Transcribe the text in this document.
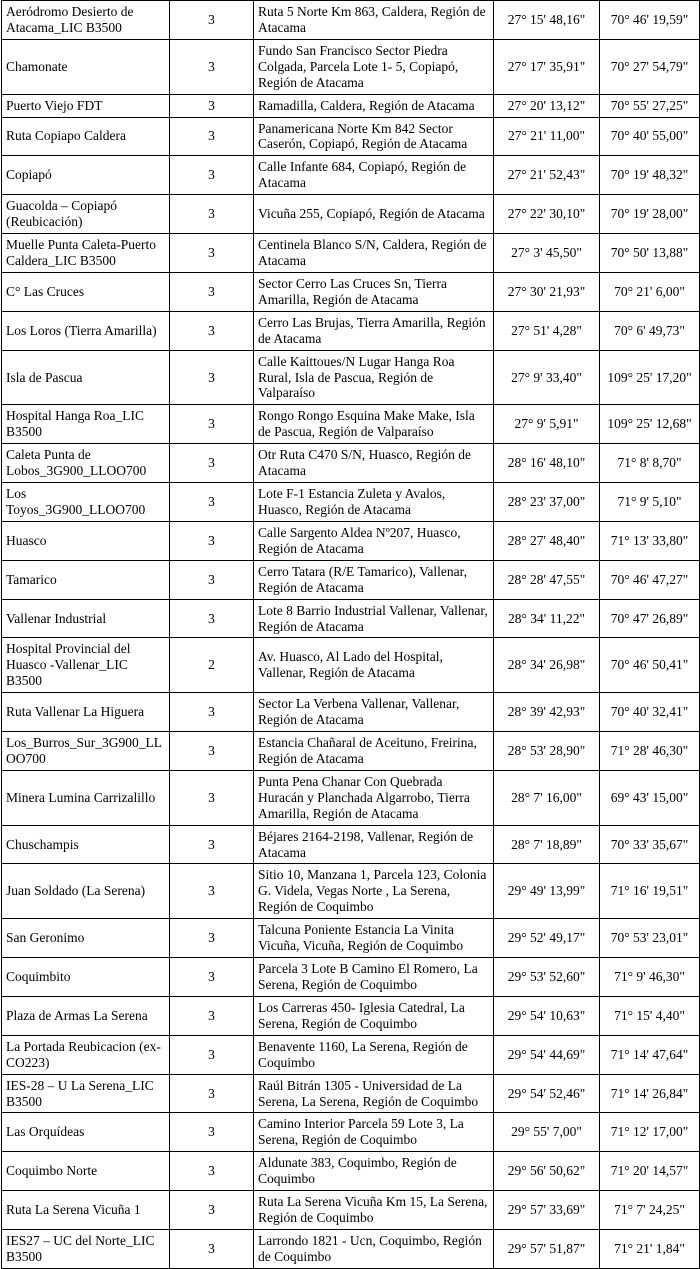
Aeródromo Desierto de Atacama_LIC B3500	3	Ruta 5 Norte Km 863, Caldera, Región de Atacama	27° 15' 48,16"	70° 46' 19,59"
Chamonate	3	Fundo San Francisco Sector Piedra Colgada, Parcela Lote 1- 5, Copiapó, Región de Atacama	27° 17' 35,91"	70° 27' 54,79"
Puerto Viejo FDT	3	Ramadilla, Caldera, Región de Atacama	27° 20' 13,12"	70° 55' 27,25"
Ruta Copiapo Caldera	3	Panamericana Norte Km 842 Sector Caserón, Copiapó, Región de Atacama	27° 21' 11,00"	70° 40' 55,00"
Copiapó	3	Calle Infante 684, Copiapó, Región de Atacama	27° 21' 52,43"	70° 19' 48,32"
Guacolda – Copiapó (Reubicación)	3	Vicuña 255, Copiapó, Región de Atacama	27° 22' 30,10"	70° 19' 28,00"
Muelle Punta Caleta-Puerto Caldera_LIC B3500	3	Centinela Blanco S/N, Caldera, Región de Atacama	27° 3' 45,50"	70° 50' 13,88"
C° Las Cruces	3	Sector Cerro Las Cruces Sn, Tierra Amarilla, Región de Atacama	27° 30' 21,93"	70° 21' 6,00"
Los Loros (Tierra Amarilla)	3	Cerro Las Brujas, Tierra Amarilla, Región de Atacama	27° 51' 4,28"	70° 6' 49,73"
Isla de Pascua	3	Calle Kaittoues/N Lugar Hanga Roa Rural, Isla de Pascua, Región de Valparaíso	27° 9' 33,40"	109° 25' 17,20"
Hospital Hanga Roa_LIC B3500	3	Rongo Rongo Esquina Make Make, Isla de Pascua, Región de Valparaíso	27° 9' 5,91"	109° 25' 12,68"
Caleta Punta de Lobos_3G900_LLOO700	3	Otr Ruta C470 S/N, Huasco, Región de Atacama	28° 16' 48,10"	71° 8' 8,70"
Los Toyos_3G900_LLOO700	3	Lote F-1 Estancia Zuleta y Avalos, Huasco, Región de Atacama	28° 23' 37,00"	71° 9' 5,10"
Huasco	3	Calle Sargento Aldea Nº207, Huasco, Región de Atacama	28° 27' 48,40"	71° 13' 33,80"
Tamarico	3	Cerro Tatara (R/E Tamarico), Vallenar, Región de Atacama	28° 28' 47,55"	70° 46' 47,27"
Vallenar Industrial	3	Lote 8 Barrio Industrial Vallenar, Vallenar, Región de Atacama	28° 34' 11,22"	70° 47' 26,89"
Hospital Provincial del Huasco -Vallenar_LIC B3500	2	Av. Huasco, Al Lado del Hospital, Vallenar, Región de Atacama	28° 34' 26,98"	70° 46' 50,41"
Ruta Vallenar La Higuera	3	Sector La Verbena Vallenar, Vallenar, Región de Atacama	28° 39' 42,93"	70° 40' 32,41"
Los_Burros_Sur_3G900_LLOO700	3	Estancia Chañaral de Aceituno, Freirina, Región de Atacama	28° 53' 28,90"	71° 28' 46,30"
Minera Lumina Carrizalillo	3	Punta Pena Chanar Con Quebrada Huracán y Planchada Algarrobo, Tierra Amarilla, Región de Atacama	28° 7' 16,00"	69° 43' 15,00"
Chuschampis	3	Béjares 2164-2198, Vallenar, Región de Atacama	28° 7' 18,89"	70° 33' 35,67"
Juan Soldado (La Serena)	3	Sitio 10, Manzana 1, Parcela 123, Colonia G. Videla, Vegas Norte , La Serena, Región de Coquimbo	29° 49' 13,99"	71° 16' 19,51"
San Geronimo	3	Talcuna Poniente Estancia La Vinita Vicuña, Vicuña, Región de Coquimbo	29° 52' 49,17"	70° 53' 23,01"
Coquimbito	3	Parcela 3 Lote B Camino El Romero, La Serena, Región de Coquimbo	29° 53' 52,60"	71° 9' 46,30"
Plaza de Armas La Serena	3	Los Carreras 450- Iglesia Catedral, La Serena, Región de Coquimbo	29° 54' 10,63"	71° 15' 4,40"
La Portada Reubicacion (ex-CO223)	3	Benavente 1160, La Serena, Región de Coquimbo	29° 54' 44,69"	71° 14' 47,64"
IES-28 – U La Serena_LIC B3500	3	Raúl Bitrán 1305 - Universidad de La Serena, La Serena, Región de Coquimbo	29° 54' 52,46"	71° 14' 26,84"
Las Orquídeas	3	Camino Interior Parcela 59 Lote 3, La Serena, Región de Coquimbo	29° 55' 7,00"	71° 12' 17,00"
Coquimbo Norte	3	Aldunate 383, Coquimbo, Región de Coquimbo	29° 56' 50,62"	71° 20' 14,57"
Ruta La Serena Vicuña 1	3	Ruta La Serena Vicuña Km 15, La Serena, Región de Coquimbo	29° 57' 33,69"	71° 7' 24,25"
IES27 – UC del Norte_LIC B3500	3	Larrondo 1821 - Ucn, Coquimbo, Región de Coquimbo	29° 57' 51,87"	71° 21' 1,84"
